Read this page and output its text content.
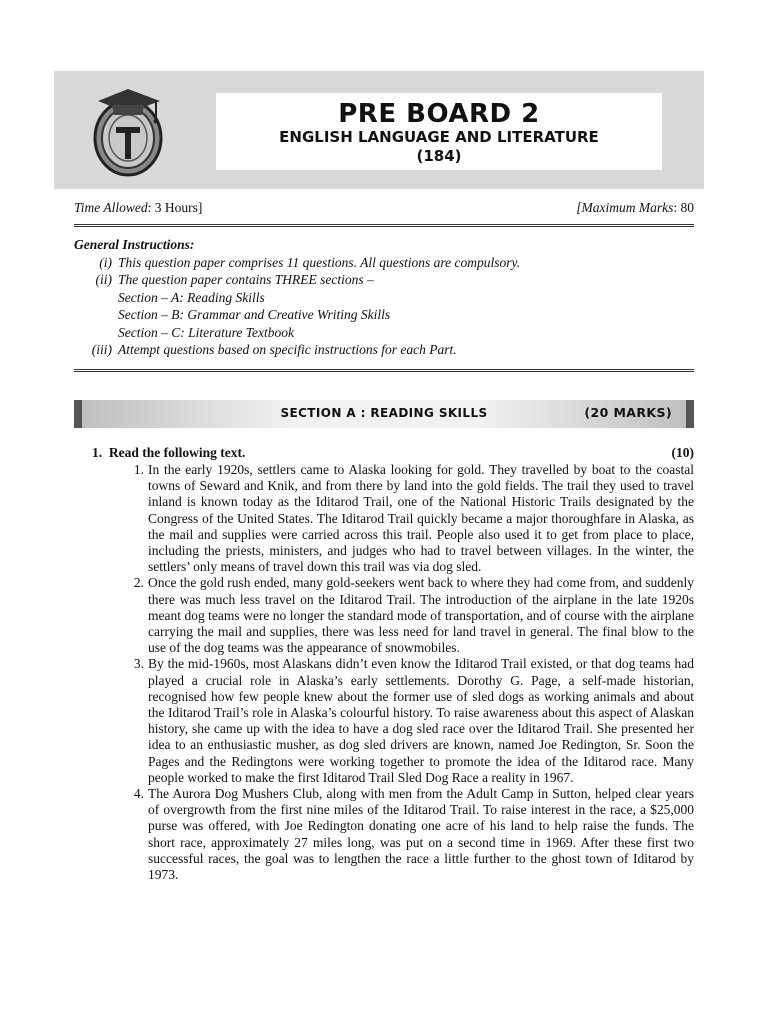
PRE BOARD 2
ENGLISH LANGUAGE AND LITERATURE
(184)
Time Allowed: 3 Hours]	[Maximum Marks: 80
General Instructions:
(i) This question paper comprises 11 questions. All questions are compulsory.
(ii) The question paper contains THREE sections –
Section – A: Reading Skills
Section – B: Grammar and Creative Writing Skills
Section – C: Literature Textbook
(iii) Attempt questions based on specific instructions for each Part.
SECTION A : READING SKILLS	(20 MARKS)
1. Read the following text.	(10)
1. In the early 1920s, settlers came to Alaska looking for gold. They travelled by boat to the coastal towns of Seward and Knik, and from there by land into the gold fields. The trail they used to travel inland is known today as the Iditarod Trail, one of the National Historic Trails designated by the Congress of the United States. The Iditarod Trail quickly became a major thoroughfare in Alaska, as the mail and supplies were carried across this trail. People also used it to get from place to place, including the priests, ministers, and judges who had to travel between villages. In the winter, the settlers’ only means of travel down this trail was via dog sled.
2. Once the gold rush ended, many gold-seekers went back to where they had come from, and suddenly there was much less travel on the Iditarod Trail. The introduction of the airplane in the late 1920s meant dog teams were no longer the standard mode of transportation, and of course with the airplane carrying the mail and supplies, there was less need for land travel in general. The final blow to the use of the dog teams was the appearance of snowmobiles.
3. By the mid-1960s, most Alaskans didn’t even know the Iditarod Trail existed, or that dog teams had played a crucial role in Alaska’s early settlements. Dorothy G. Page, a self-made historian, recognised how few people knew about the former use of sled dogs as working animals and about the Iditarod Trail’s role in Alaska’s colourful history. To raise awareness about this aspect of Alaskan history, she came up with the idea to have a dog sled race over the Iditarod Trail. She presented her idea to an enthusiastic musher, as dog sled drivers are known, named Joe Redington, Sr. Soon the Pages and the Redingtons were working together to promote the idea of the Iditarod race. Many people worked to make the first Iditarod Trail Sled Dog Race a reality in 1967.
4. The Aurora Dog Mushers Club, along with men from the Adult Camp in Sutton, helped clear years of overgrowth from the first nine miles of the Iditarod Trail. To raise interest in the race, a $25,000 purse was offered, with Joe Redington donating one acre of his land to help raise the funds. The short race, approximately 27 miles long, was put on a second time in 1969. After these first two successful races, the goal was to lengthen the race a little further to the ghost town of Iditarod by 1973.
